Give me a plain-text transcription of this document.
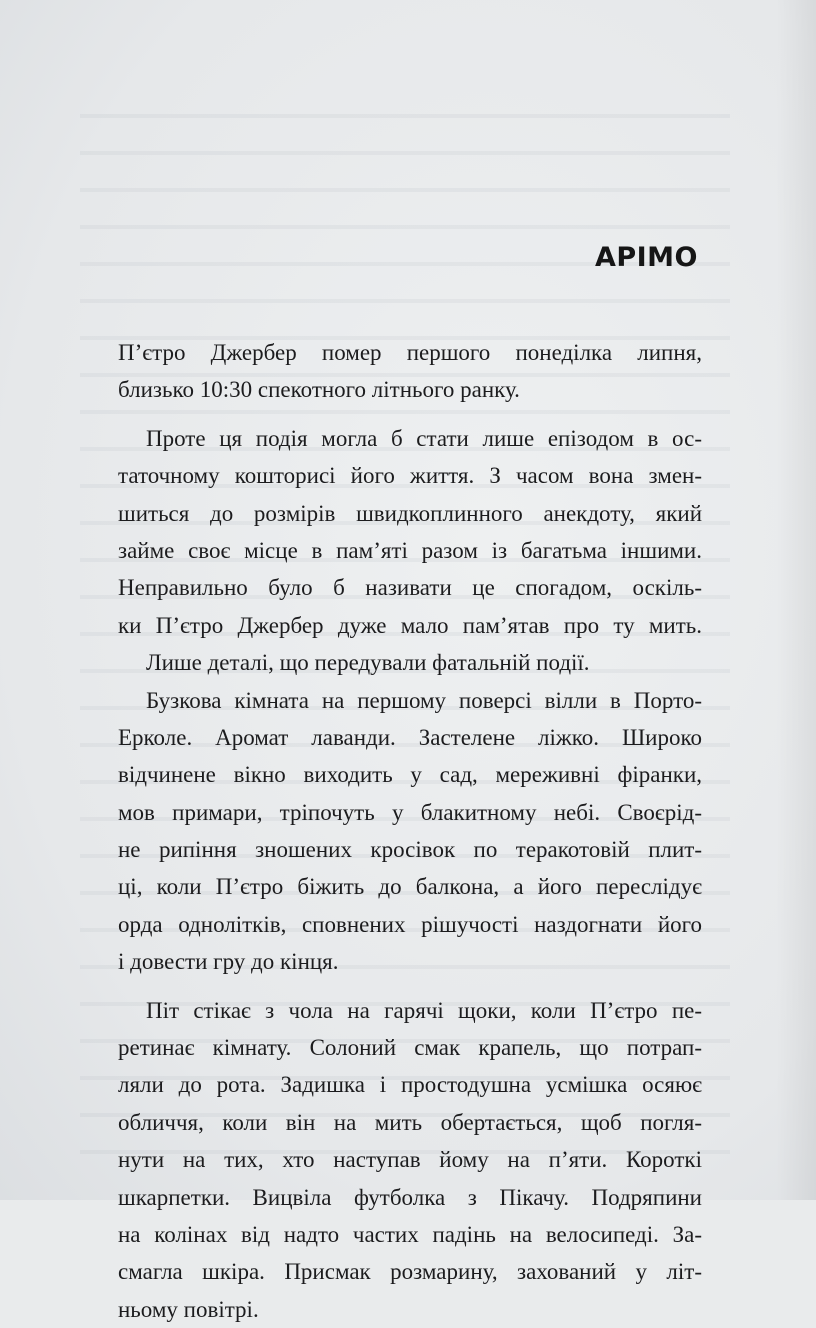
APIMO
П’єтро Джербер помер першого понеділка липня,
близько 10:30 спекотного літнього ранку.
Проте ця подія могла б стати лише епізодом в ос-
таточному кошторисі його життя. З часом вона змен-
шиться до розмірів швидкоплинного анекдоту, який
займе своє місце в пам’яті разом із багатьма іншими.
Неправильно було б називати це спогадом, оскіль-
ки П’єтро Джербер дуже мало пам’ятав про ту мить.
Лише деталі, що передували фатальній події.
Бузкова кімната на першому поверсі вілли в Порто-
Ерколе. Аромат лаванди. Застелене ліжко. Широко
відчинене вікно виходить у сад, мереживні фіранки,
мов примари, тріпочуть у блакитному небі. Своєрід-
не рипіння зношених кросівок по теракотовій плит-
ці, коли П’єтро біжить до балкона, а його переслідує
орда однолітків, сповнених рішучості наздогнати його
і довести гру до кінця.
Піт стікає з чола на гарячі щоки, коли П’єтро пе-
ретинає кімнату. Солоний смак крапель, що потрап-
ляли до рота. Задишка і простодушна усмішка осяює
обличчя, коли він на мить обертається, щоб погля-
нути на тих, хто наступав йому на п’яти. Короткі
шкарпетки. Вицвіла футболка з Пікачу. Подряпини
на колінах від надто частих падінь на велосипеді. За-
смагла шкіра. Присмак розмарину, захований у літ-
ньому повітрі.
